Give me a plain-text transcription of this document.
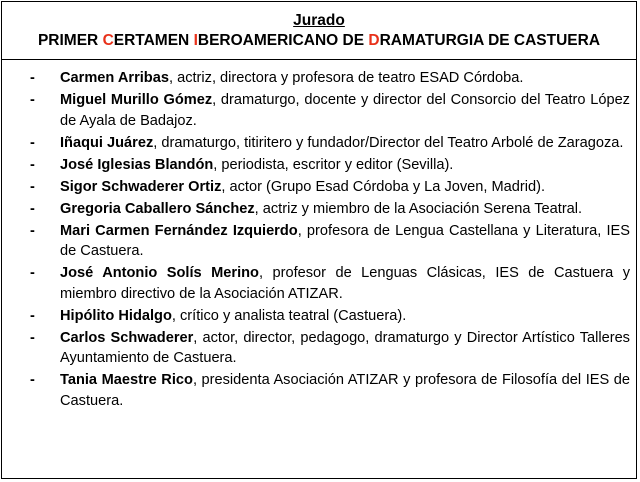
Jurado
PRIMER CERTAMEN IBEROAMERICANO DE DRAMATURGIA DE CASTUERA
- Carmen Arribas, actriz, directora y profesora de teatro ESAD Córdoba.
- Miguel Murillo Gómez, dramaturgo, docente y director del Consorcio del Teatro López de Ayala de Badajoz.
- Iñaqui Juárez, dramaturgo, titiritero y fundador/Director del Teatro Arbolé de Zaragoza.
- José Iglesias Blandón, periodista, escritor y editor (Sevilla).
- Sigor Schwaderer Ortiz, actor (Grupo Esad Córdoba y La Joven, Madrid).
- Gregoria Caballero Sánchez, actriz y miembro de la Asociación Serena Teatral.
- Mari Carmen Fernández Izquierdo, profesora de Lengua Castellana y Literatura, IES de Castuera.
- José Antonio Solís Merino, profesor de Lenguas Clásicas, IES de Castuera y miembro directivo de la Asociación ATIZAR.
- Hipólito Hidalgo, crítico y analista teatral (Castuera).
- Carlos Schwaderer, actor, director, pedagogo, dramaturgo y Director Artístico Talleres Ayuntamiento de Castuera.
- Tania Maestre Rico, presidenta Asociación ATIZAR y profesora de Filosofía del IES de Castuera.
